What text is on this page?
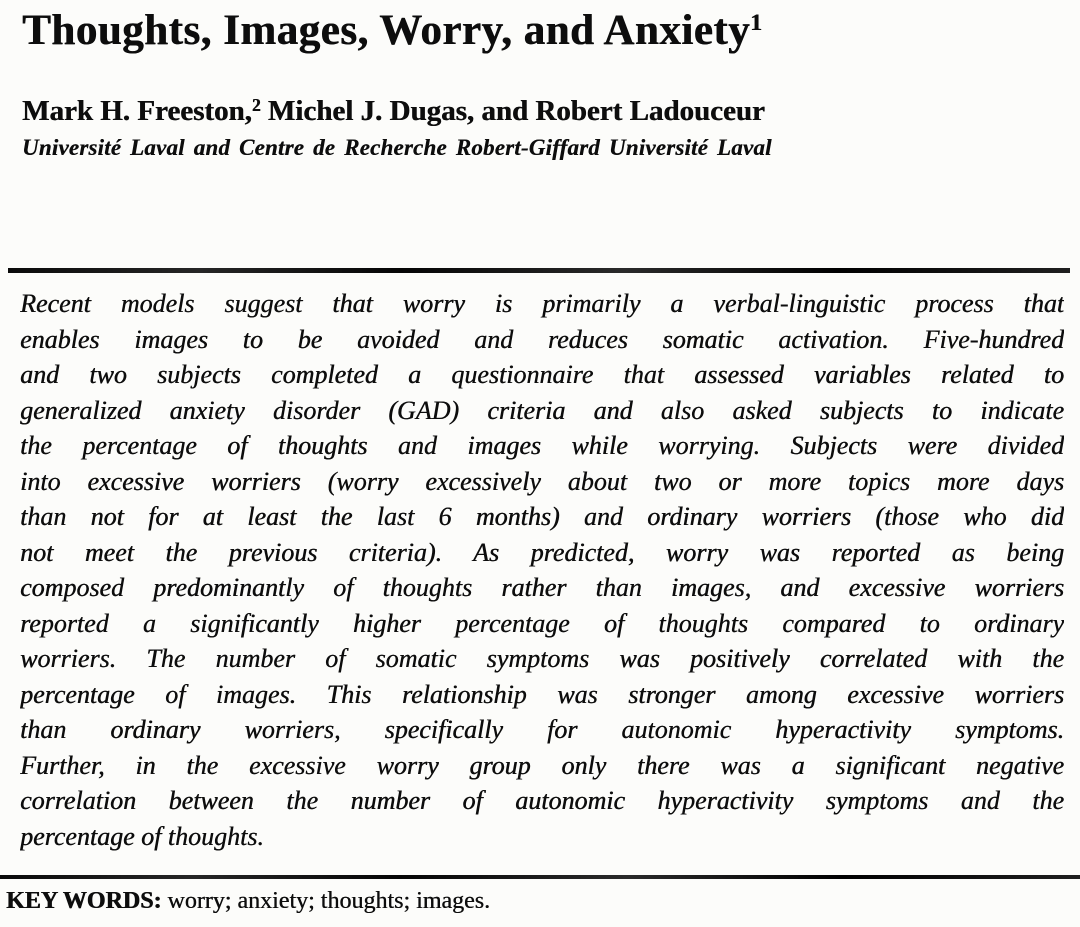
Thoughts, Images, Worry, and Anxiety$^1$

Mark H. Freeston,$^2$ Michel J. Dugas, and Robert Ladouceur

Université Laval and Centre de Recherche Robert-Giffard Université Laval

Recent models suggest that worry is primarily a verbal-linguistic process that
enables images to be avoided and reduces somatic activation. Five-hundred
and two subjects completed a questionnaire that assessed variables related to
generalized anxiety disorder (GAD) criteria and also asked subjects to indicate
the percentage of thoughts and images while worrying. Subjects were divided
into excessive worriers (worry excessively about two or more topics more days
than not for at least the last 6 months) and ordinary worriers (those who did
not meet the previous criteria). As predicted, worry was reported as being
composed predominantly of thoughts rather than images, and excessive worriers
reported a significantly higher percentage of thoughts compared to ordinary
worriers. The number of somatic symptoms was positively correlated with the
percentage of images. This relationship was stronger among excessive worriers
than ordinary worriers, specifically for autonomic hyperactivity symptoms.
Further, in the excessive worry group only there was a significant negative
correlation between the number of autonomic hyperactivity symptoms and the
percentage of thoughts.

KEY WORDS: worry; anxiety; thoughts; images.
